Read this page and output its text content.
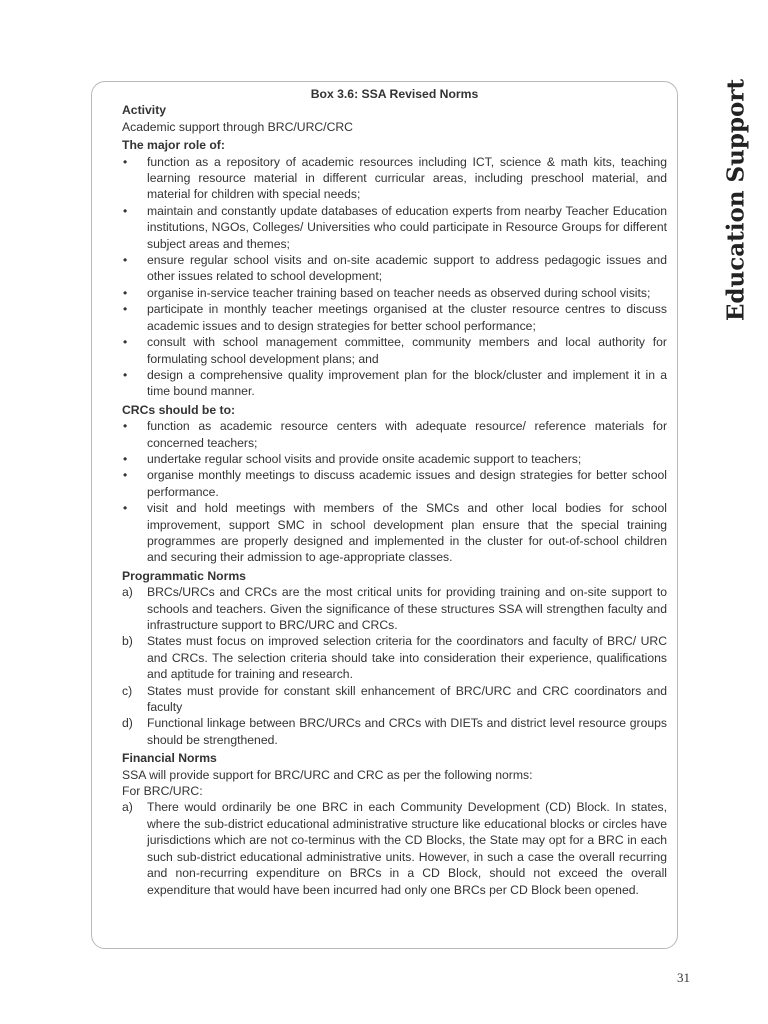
Box 3.6: SSA Revised Norms
Activity
Academic support through BRC/URC/CRC
The major role of:
• function as a repository of academic resources including ICT, science & math kits, teaching learning resource material in different curricular areas, including preschool material, and material for children with special needs;
• maintain and constantly update databases of education experts from nearby Teacher Education institutions, NGOs, Colleges/ Universities who could participate in Resource Groups for different subject areas and themes;
• ensure regular school visits and on-site academic support to address pedagogic issues and other issues related to school development;
• organise in-service teacher training based on teacher needs as observed during school visits;
• participate in monthly teacher meetings organised at the cluster resource centres to discuss academic issues and to design strategies for better school performance;
• consult with school management committee, community members and local authority for formulating school development plans; and
• design a comprehensive quality improvement plan for the block/cluster and implement it in a time bound manner.
CRCs should be to:
• function as academic resource centers with adequate resource/ reference materials for concerned teachers;
• undertake regular school visits and provide onsite academic support to teachers;
• organise monthly meetings to discuss academic issues and design strategies for better school performance.
• visit and hold meetings with members of the SMCs and other local bodies for school improvement, support SMC in school development plan ensure that the special training programmes are properly designed and implemented in the cluster for out-of-school children and securing their admission to age-appropriate classes.
Programmatic Norms
a) BRCs/URCs and CRCs are the most critical units for providing training and on-site support to schools and teachers. Given the significance of these structures SSA will strengthen faculty and infrastructure support to BRC/URC and CRCs.
b) States must focus on improved selection criteria for the coordinators and faculty of BRC/ URC and CRCs. The selection criteria should take into consideration their experience, qualifications and aptitude for training and research.
c) States must provide for constant skill enhancement of BRC/URC and CRC coordinators and faculty
d) Functional linkage between BRC/URCs and CRCs with DIETs and district level resource groups should be strengthened.
Financial Norms
SSA will provide support for BRC/URC and CRC as per the following norms:
For BRC/URC:
a) There would ordinarily be one BRC in each Community Development (CD) Block. In states, where the sub-district educational administrative structure like educational blocks or circles have jurisdictions which are not co-terminus with the CD Blocks, the State may opt for a BRC in each such sub-district educational administrative units. However, in such a case the overall recurring and non-recurring expenditure on BRCs in a CD Block, should not exceed the overall expenditure that would have been incurred had only one BRCs per CD Block been opened.
Education Support
31
